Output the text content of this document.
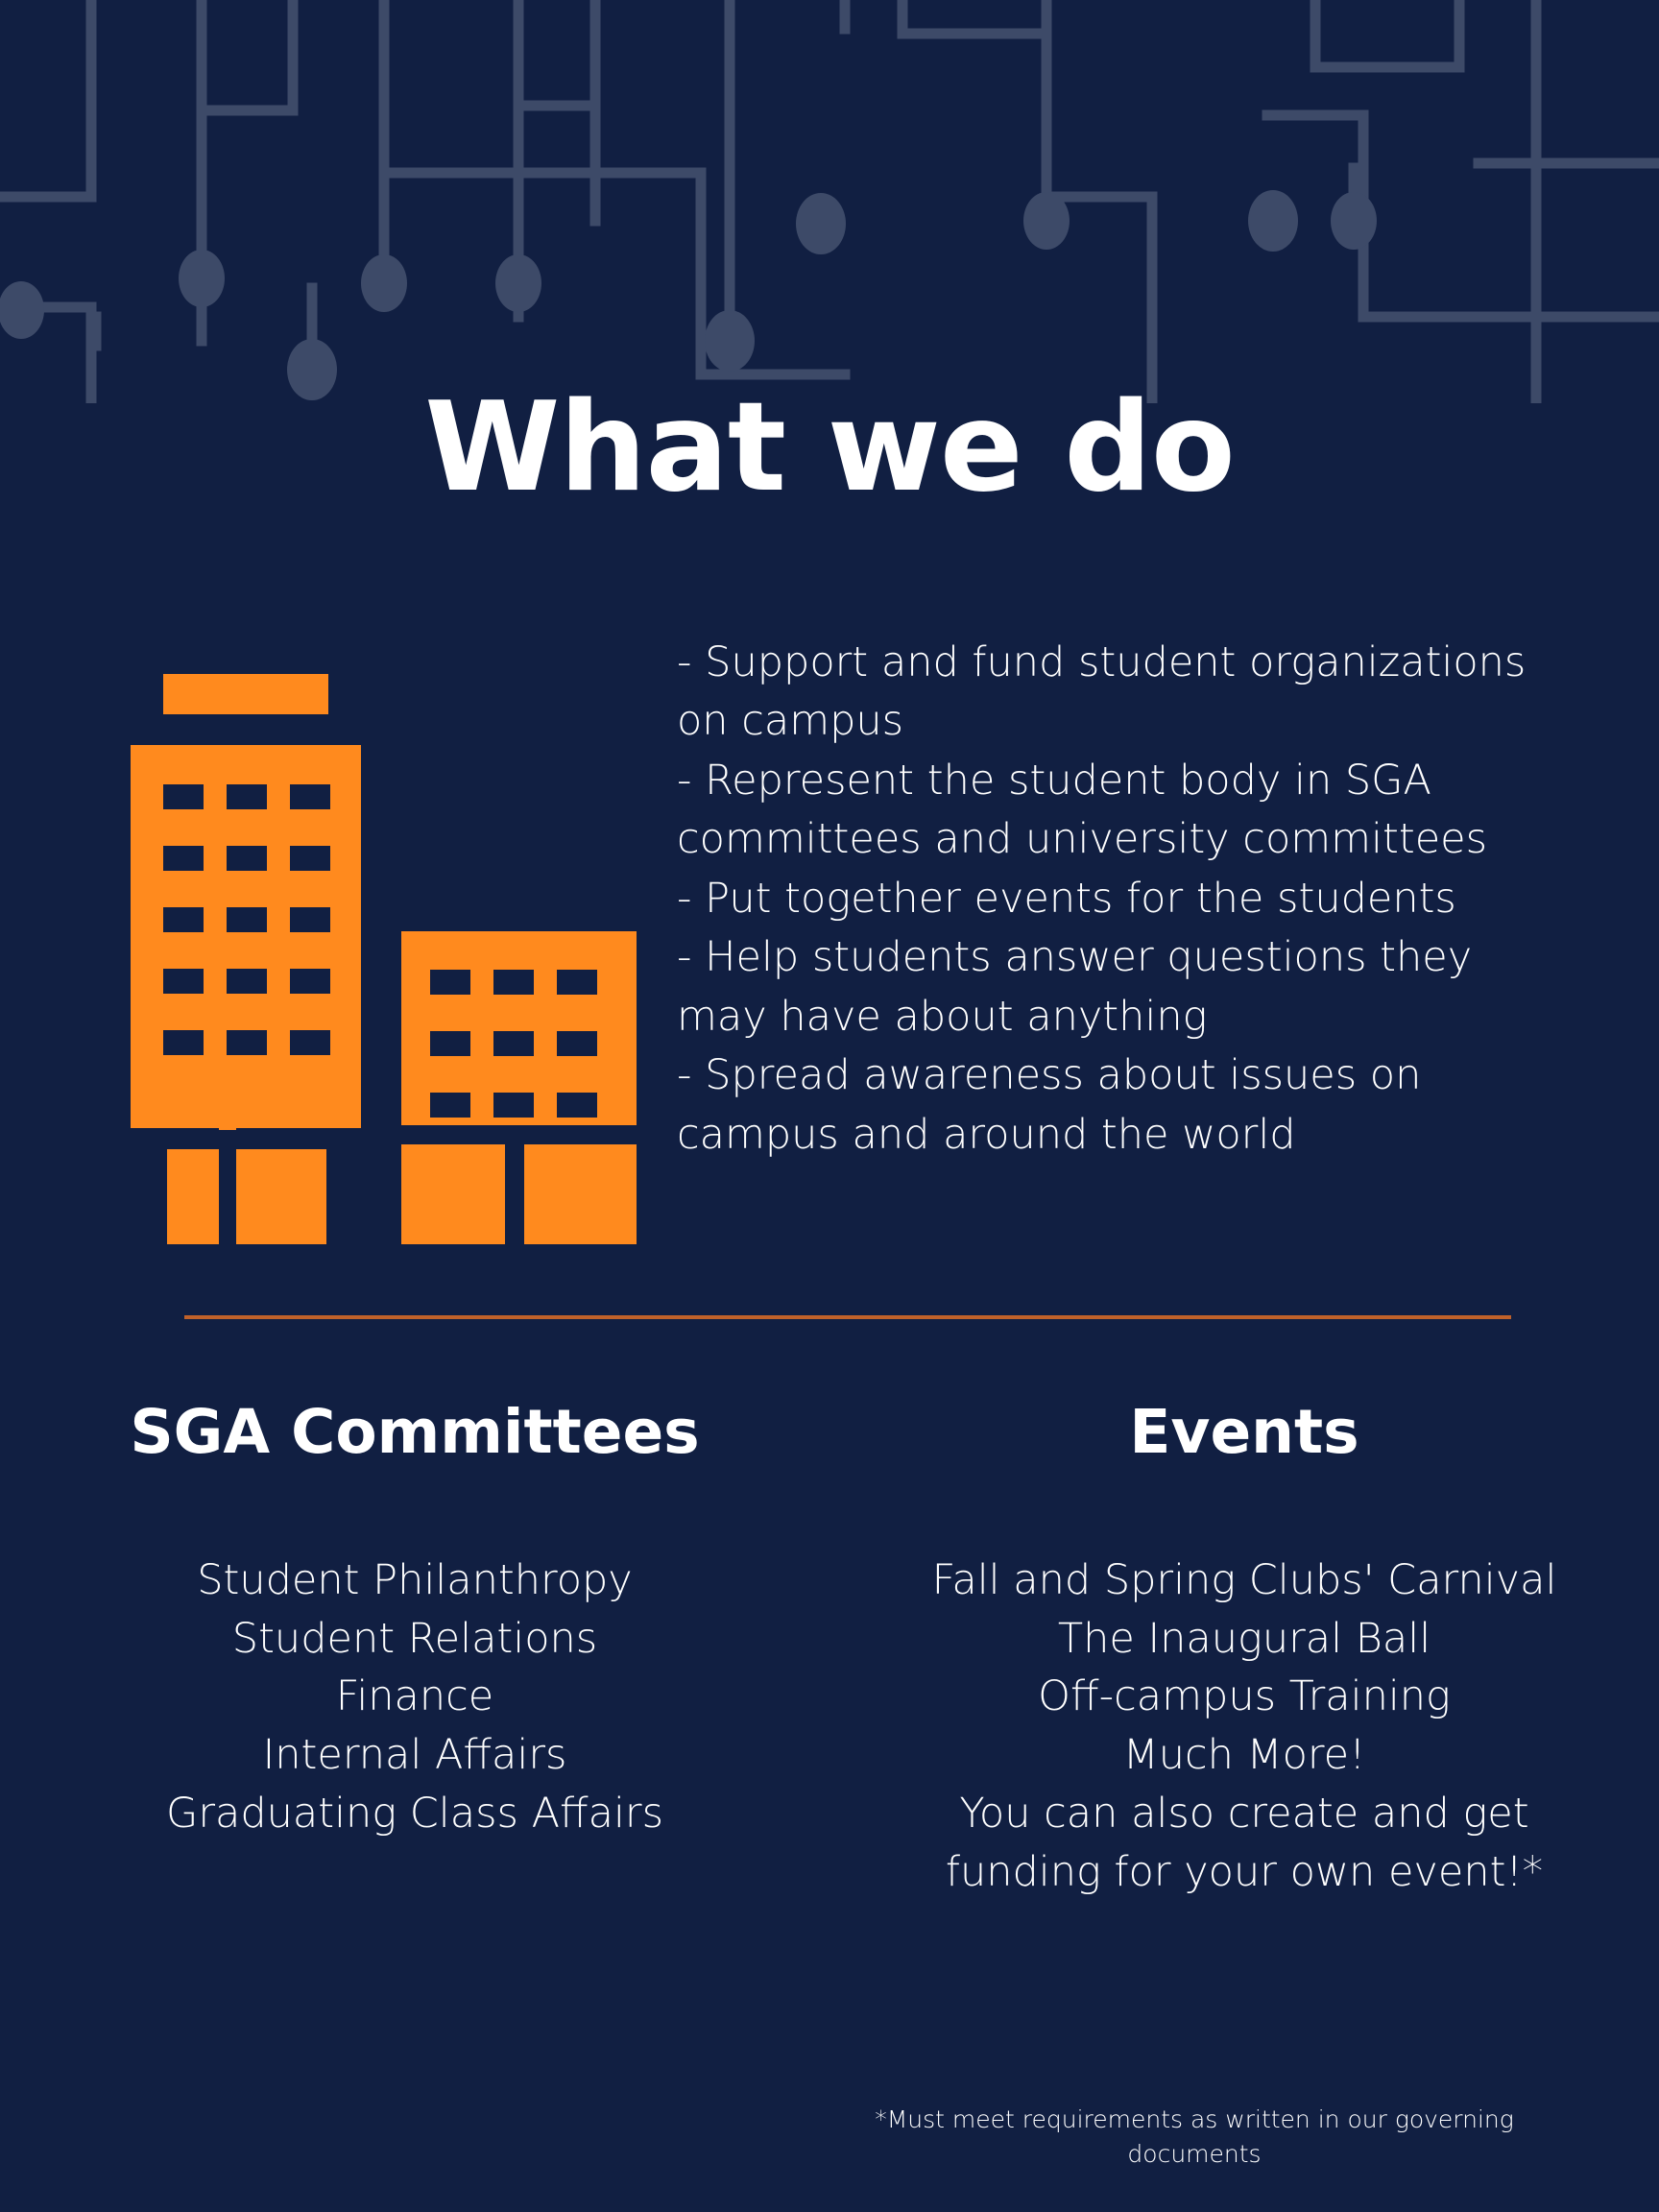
What we do
- Support and fund student organizations
on campus
- Represent the student body in SGA
committees and university committees
- Put together events for the students
- Help students answer questions they
may have about anything
- Spread awareness about issues on
campus and around the world
SGA Committees
Student Philanthropy
Student Relations
Finance
Internal Affairs
Graduating Class Affairs
Events
Fall and Spring Clubs' Carnival
The Inaugural Ball
Off-campus Training
Much More!
You can also create and get funding for your own event!*
*Must meet requirements as written in our governing documents
